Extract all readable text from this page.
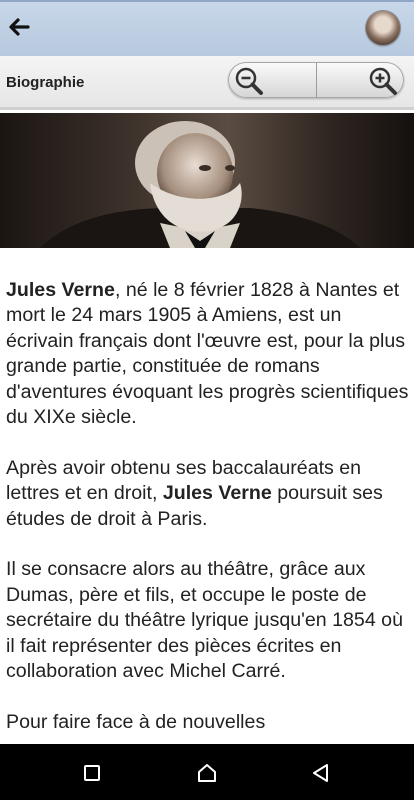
Biographie

Jules Verne, né le 8 février 1828 à Nantes et mort le 24 mars 1905 à Amiens, est un écrivain français dont l'œuvre est, pour la plus grande partie, constituée de romans d'aventures évoquant les progrès scientifiques du XIXe siècle.

Après avoir obtenu ses baccalauréats en lettres et en droit, Jules Verne poursuit ses études de droit à Paris.

Il se consacre alors au théâtre, grâce aux Dumas, père et fils, et occupe le poste de secrétaire du théâtre lyrique jusqu'en 1854 où il fait représenter des pièces écrites en collaboration avec Michel Carré.

Pour faire face à de nouvelles
